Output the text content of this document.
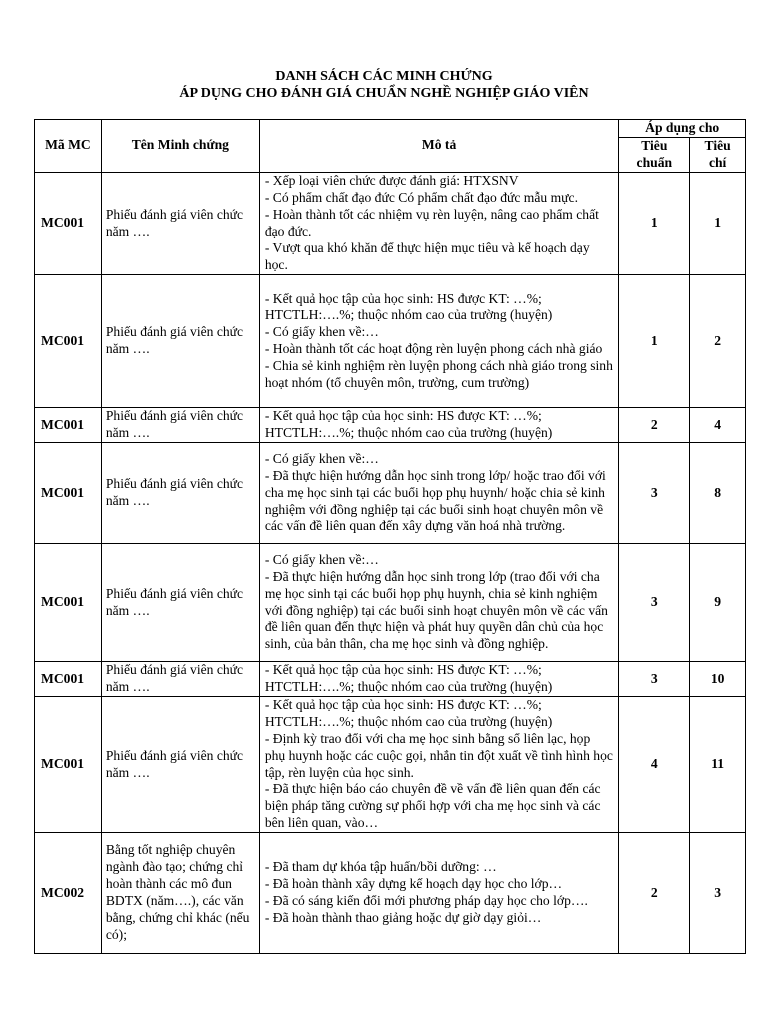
DANH SÁCH CÁC MINH CHỨNG
ÁP DỤNG CHO ĐÁNH GIÁ CHUẨN NGHỀ NGHIỆP GIÁO VIÊN
Mã MC	Tên Minh chứng	Mô tả	Áp dụng cho	
			Tiêu chuẩn	Tiêu chí
MC001	Phiếu đánh giá viên chức năm ….	- Xếp loại viên chức được đánh giá: HTXSNV
- Có phẩm chất đạo đức Có phẩm chất đạo đức mẫu mực.
- Hoàn thành tốt các nhiệm vụ rèn luyện, nâng cao phẩm chất đạo đức.
- Vượt qua khó khăn để thực hiện mục tiêu và kế hoạch dạy học.	1	1
MC001	Phiếu đánh giá viên chức năm ….	- Kết quả học tập của học sinh: HS được KT: …%; HTCTLH:….%; thuộc nhóm cao của trường (huyện)
- Có giấy khen về:…
- Hoàn thành tốt các hoạt động rèn luyện phong cách nhà giáo
- Chia sẻ kinh nghiệm rèn luyện phong cách nhà giáo trong sinh hoạt nhóm (tổ chuyên môn, trường, cum trường)	1	2
MC001	Phiếu đánh giá viên chức năm ….	- Kết quả học tập của học sinh: HS được KT: …%; HTCTLH:….%; thuộc nhóm cao của trường (huyện)	2	4
MC001	Phiếu đánh giá viên chức năm ….	- Có giấy khen về:…
- Đã thực hiện hướng dẫn học sinh trong lớp/ hoặc trao đổi với cha mẹ học sinh tại các buổi họp phụ huynh/ hoặc chia sẻ kinh nghiệm với đồng nghiệp tại các buổi sinh hoạt chuyên môn về các vấn đề liên quan đến xây dựng văn hoá nhà trường.	3	8
MC001	Phiếu đánh giá viên chức năm ….	- Có giấy khen về:…
- Đã thực hiện hướng dẫn học sinh trong lớp (trao đổi với cha mẹ học sinh tại các buổi họp phụ huynh, chia sẻ kinh nghiệm với đồng nghiệp) tại các buổi sinh hoạt chuyên môn về các vấn đề liên quan đến thực hiện và phát huy quyền dân chủ của học sinh, của bản thân, cha mẹ học sinh và đồng nghiệp.	3	9
MC001	Phiếu đánh giá viên chức năm ….	- Kết quả học tập của học sinh: HS được KT: …%; HTCTLH:….%; thuộc nhóm cao của trường (huyện)	3	10
MC001	Phiếu đánh giá viên chức năm ….	- Kết quả học tập của học sinh: HS được KT: …%; HTCTLH:….%; thuộc nhóm cao của trường (huyện)
- Định kỳ trao đổi với cha mẹ học sinh bằng sổ liên lạc, họp phụ huynh hoặc các cuộc gọi, nhắn tin đột xuất về tình hình học tập, rèn luyện của học sinh.
- Đã thực hiện báo cáo chuyên đề về vấn đề liên quan đến các biện pháp tăng cường sự phối hợp với cha mẹ học sinh và các bên liên quan, vào…	4	11
MC002	Bằng tốt nghiệp chuyên ngành đào tạo; chứng chỉ hoàn thành các mô đun BDTX (năm….), các văn bằng, chứng chỉ khác (nếu có);	- Đã tham dự khóa tập huấn/bồi dưỡng: …
- Đã hoàn thành xây dựng kế hoạch dạy học cho lớp…
- Đã có sáng kiến đổi mới phương pháp dạy học cho lớp….
- Đã hoàn thành thao giảng hoặc dự giờ dạy giỏi…	2	3
